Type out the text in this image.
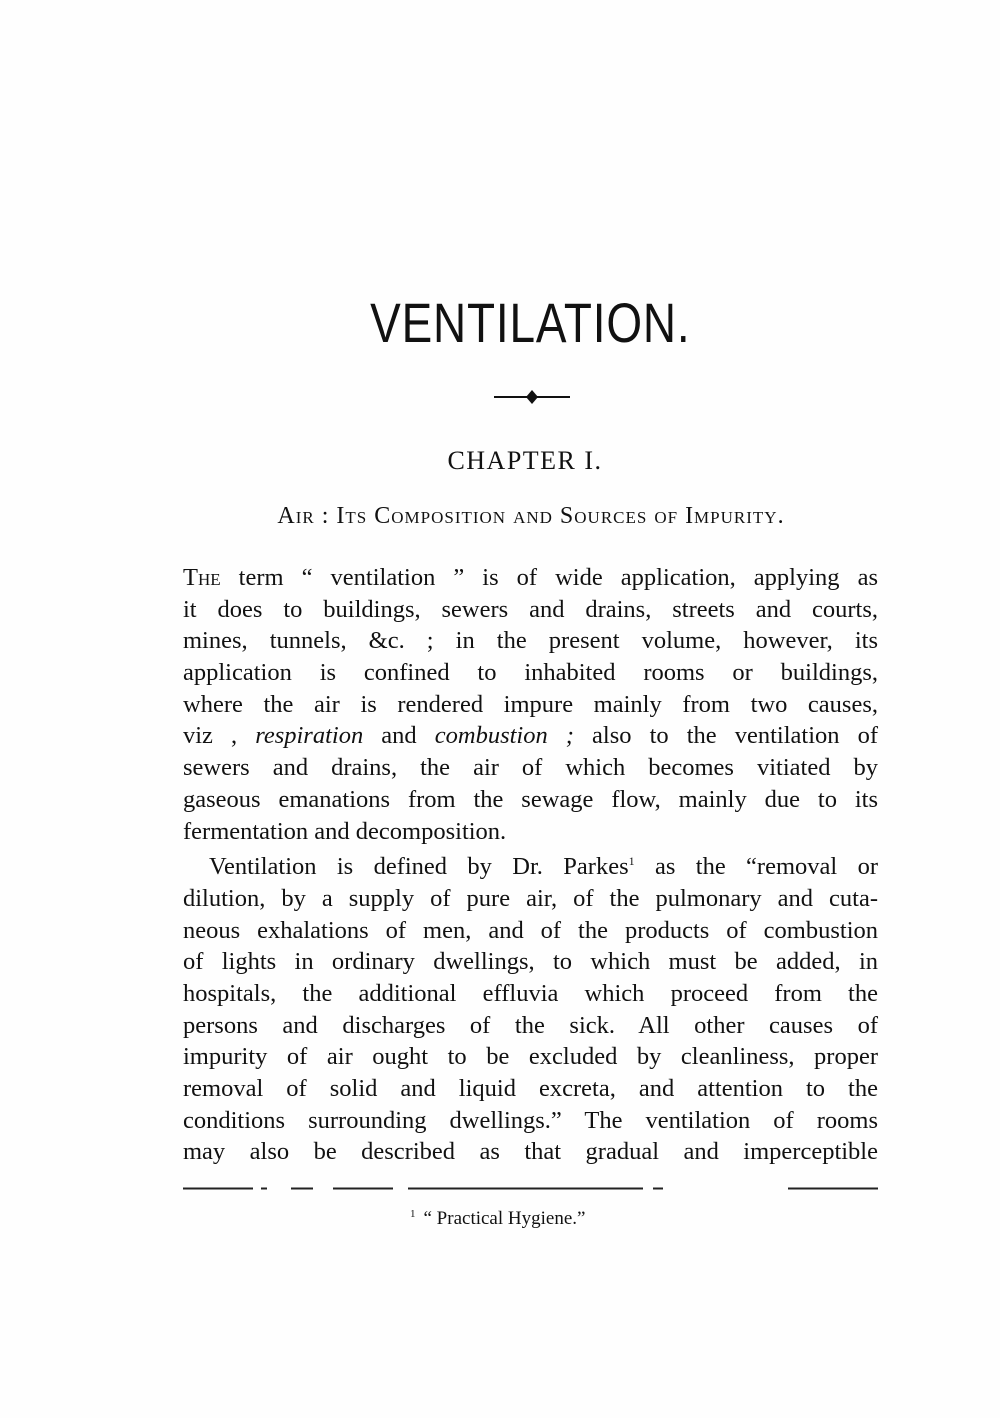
VENTILATION.
CHAPTER I.
Air : Its Composition and Sources of Impurity.
The term “ ventilation ” is of wide application, applying as
it does to buildings, sewers and drains, streets and courts,
mines, tunnels, &c. ; in the present volume, however, its
application is confined to inhabited rooms or buildings,
where the air is rendered impure mainly from two causes,
viz , respiration and combustion ; also to the ventilation of
sewers and drains, the air of which becomes vitiated by
gaseous emanations from the sewage flow, mainly due to its
fermentation and decomposition.
Ventilation is defined by Dr. Parkes$^1$ as the “removal or
dilution, by a supply of pure air, of the pulmonary and cuta-
neous exhalations of men, and of the products of combustion
of lights in ordinary dwellings, to which must be added, in
hospitals, the additional effluvia which proceed from the
persons and discharges of the sick. All other causes of
impurity of air ought to be excluded by cleanliness, proper
removal of solid and liquid excreta, and attention to the
conditions surrounding dwellings.” The ventilation of rooms
may also be described as that gradual and imperceptible
$^1$ “ Practical Hygiene.”
